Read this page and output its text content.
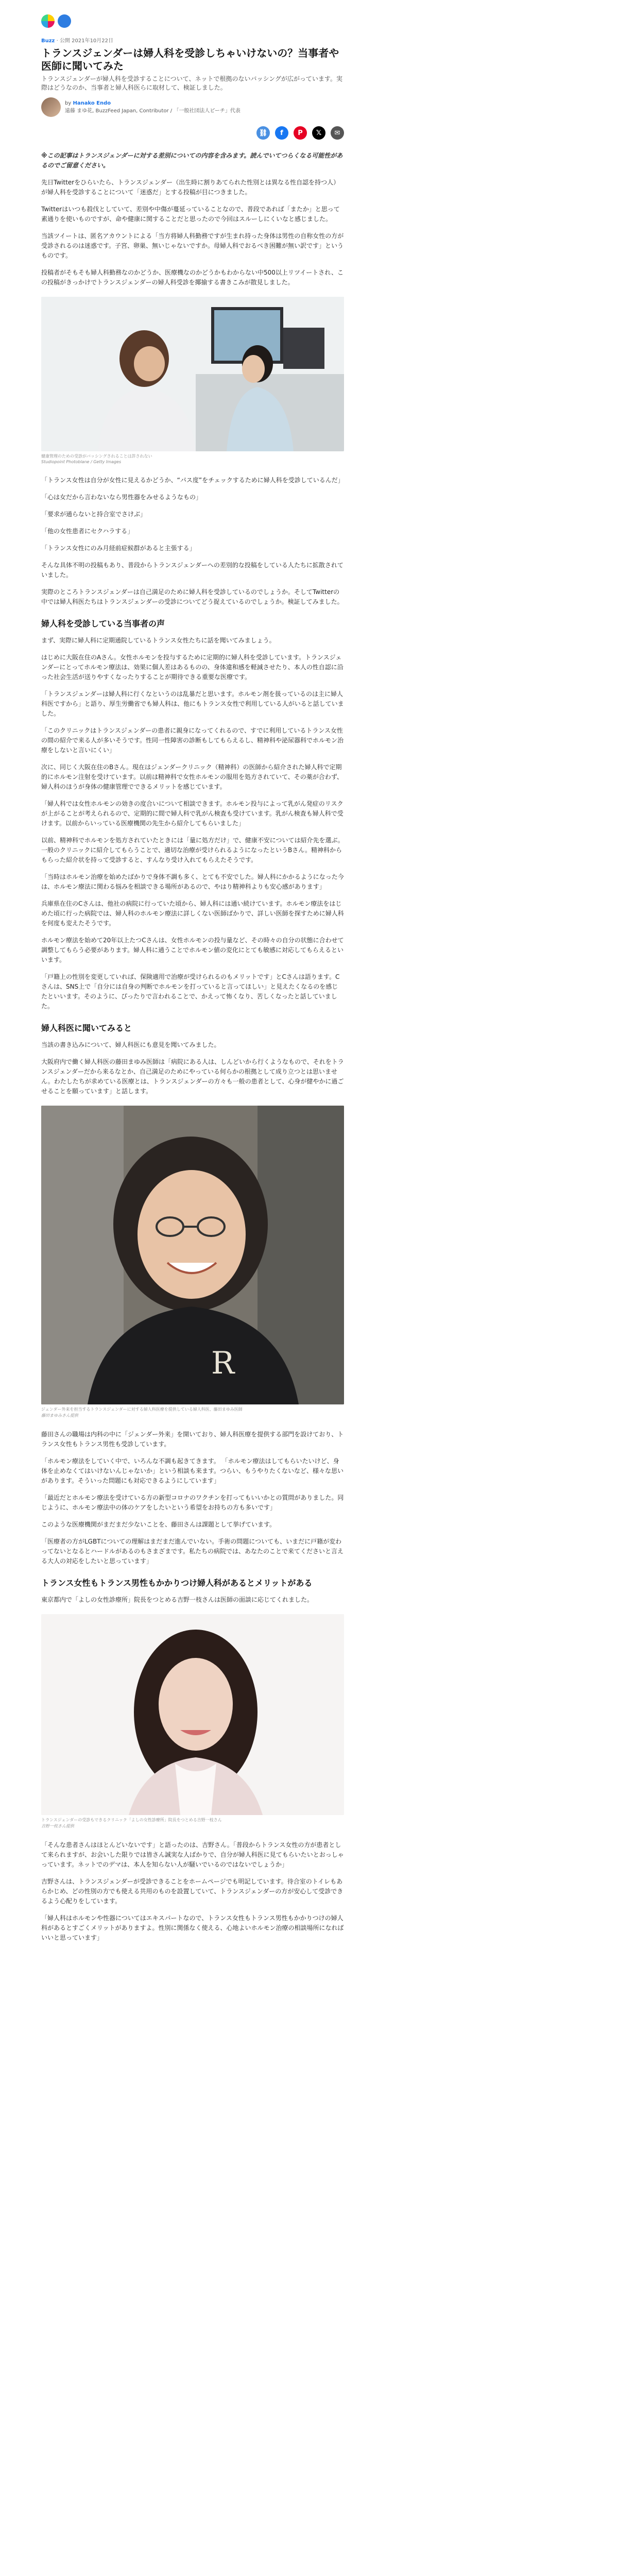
Buzz · 公開 2021年10月22日
トランスジェンダーは婦人科を受診しちゃいけないの？当事者や医師に聞いてみた
トランスジェンダーが婦人科を受診することについて、ネットで根拠のないバッシングが広がっています。実際はどうなのか、当事者と婦人科医らに取材して、検証しました。
by Hanako Endo
遠藤 まゆ花, BuzzFeed Japan, Contributor / 「一般社団法人ピーチ」代表
⛓	f	P	𝕏	✉

※この記事はトランスジェンダーに対する差別についての内容を含みます。読んでいてつらくなる可能性があるのでご留意ください。

先日Twitterをひらいたら、トランスジェンダー（出生時に割りあてられた性別とは異なる性自認を持つ人）が婦人科を受診することについて「迷惑だ」とする投稿が目につきました。

Twitterはいつも殺伐としていて、差別や中傷が蔓延っていることなので、普段であれば「またか」と思って素通りを使いものですが、命や健康に関することだと思ったので今回はスルーしにくいなと感じました。

当該ツイートは、匿名アカウントによる「当方将婦人科勤務ですが生まれ持った身体は男性の自称女性の方が受診されるのは迷惑です。子宮、卵巣、無いじゃないですか。母婦人科でおるべき困難が無い訳です」というものです。

投稿者がそもそも婦人科勤務なのかどうか、医療機なのかどうかもわからない中500以上リツイートされ、この投稿がきっかけでトランスジェンダーの婦人科受診を揶揄する書きこみが散見しました。

健康管理のための受診がバッシングされることは許されない
Studiopoint Photoblane / Getty Images

「トランス女性は自分が女性に見えるかどうか、“パス度”をチェックするために婦人科を受診しているんだ」

「心は女だから言わないなら男性器をみせるようなもの」

「要求が通らないと持合室でさけぶ」

「他の女性患者にセクハラする」

「トランス女性にのみ月経前症候群があると主張する」

そんな具体不明の投稿もあり、普段からトランスジェンダーへの差別的な投稿をしている人たちに拡散されていました。

実際のところトランスジェンダーは自己満足のために婦人科を受診しているのでしょうか。そしてTwitterの中では婦人科医たちはトランスジェンダーの受診についてどう捉えているのでしょうか。検証してみました。

婦人科を受診している当事者の声

まず、実際に婦人科に定期通院しているトランス女性たちに話を聞いてみましょう。

はじめに大阪在住のAさん。女性ホルモンを投与するために定期的に婦人科を受診しています。トランスジェンダーにとってホルモン療法は、効果に個人差はあるものの、身体違和感を軽減させたり、本人の性自認に沿った社会生活が送りやすくなったりすることが期待できる重要な医療です。

「トランスジェンダーは婦人科に行くなというのは乱暴だと思います。ホルモン剤を扱っているのは主に婦人科医ですから」と語り、厚生労働省でも婦人科は、他にもトランス女性で利用している人がいると話していました。

「このクリニックはトランスジェンダーの患者に親身になってくれるので、すでに利用しているトランス女性の間の紹介で来る人が多いそうです。性同一性障害の診断もしてもらえるし、精神科や泌尿器科でホルモン治療をしないと言いにくい」

次に、同じく大阪在住のBさん。現在はジェンダークリニック（精神科）の医師から紹介された婦人科で定期的にホルモン注射を受けています。以前は精神科で女性ホルモンの服用を処方されていて、その薬が合わず、婦人科のほうが身体の健康管理でできるメリットを感じています。

「婦人科では女性ホルモンの効きの度合いについて相談できます。ホルモン投与によって乳がん発症のリスクが上がることが考えられるので、定期的に間で婦人科で乳がん検査も受けています。乳がん検査も婦人科で受けます。以前からいっている医療機関の先生から紹介してもらいました」

以前、精神科でホルモンを処方されていたときには「量に処方だけ」で、健康不安については紹介先を選ぶ。一般のクリニックに紹介してもらうことで、適切な治療が受けられるようになったというBさん。精神科からもらった紹介状を持って受診すると、すんなり受け入れてもらえたそうです。

「当時はホルモン治療を始めたばかりで身体不調も多く、とても不安でした。婦人科にかかるようになった今は、ホルモン療法に関わる悩みを相談できる場所があるので、やはり精神科よりも安心感があります」

兵庫県在住のCさんは、他社の病院に行っていた頃から、婦人科には通い続けています。ホルモン療法をはじめた頃に行った病院では、婦人科のホルモン療法に詳しくない医師ばかりで、詳しい医師を探すために婦人科を何度も変えたそうです。

ホルモン療法を始めて20年以上たつCさんは、女性ホルモンの投与量など、その時々の自分の状態に合わせて調整してもらう必要があります。婦人科に通うことでホルモン値の変化にとても敏感に対応してもらえるといいます。

「戸籍上の性別を変更していれば、保険適用で治療が受けられるのもメリットです」とCさんは語ります。Cさんは、SNS上で「自分には自身の判断でホルモンを打っていると言ってほしい」と見えたくなるのを感じたといいます。そのように、ぴったりで言われることで、かえって怖くなり、苦しくなったと話していました。

婦人科医に聞いてみると

当該の書き込みについて、婦人科医にも意見を聞いてみました。

大阪府内で働く婦人科医の藤田まゆみ医師は「病院にある人は、しんどいから行くようなもので、それをトランスジェンダーだから来るなとか、自己満足のためにやっている何らかの根拠として成り立つとは思いません。わたしたちが求めている医療とは、トランスジェンダーの方々も一般の患者として、心身が健やかに過ごせることを願っています」と話します。

R
ジェンダー外来を担当するトランスジェンダーに対する婦人科医療を提供している婦人科医、藤田まゆみ医師
藤田まゆみさん提供

藤田さんの職場は内科の中に「ジェンダー外来」を開いており、婦人科医療を提供する部門を設けており、トランス女性もトランス男性も受診しています。

「ホルモン療法をしていく中で、いろんな不調も起きてきます。 「ホルモン療法はしてもらいたいけど、身体を止めなくてはいけないんじゃないか」という相談も来ます。つらい、もうやりたくないなど、様々な思いがあります。そういった問題にも対応できるようにしています」

「最近だとホルモン療法を受けている方の新型コロナのワクチンを打ってもいいかとの質問がありました。同じように、ホルモン療法中の体のケアをしたいという希望をお持ちの方も多いです」

このような医療機関がまだまだ少ないことを、藤田さんは課題として挙げています。

「医療者の方がLGBTについての理解はまだまだ進んでいない。手術の問題についても、いまだに戸籍が変わってないとなるとハードルがあるのもさまざまです。私たちの病院では、あなたのことで来てくださいと言える大人の対応をしたいと思っています」

トランス女性もトランス男性もかかりつけ婦人科があるとメリットがある

東京都内で「よしの女性診療所」院長をつとめる吉野一枝さんは医師の面談に応じてくれました。

トランスジェンダーの受診もできるクリニック「よしの女性診療所」院長をつとめる吉野一枝さん
吉野一枝さん提供

「そんな患者さんはほとんどいないです」と語ったのは、吉野さん。「普段からトランス女性の方が患者として来られますが、お会いした限りでは皆さん誠実な人ばかりで、自分が婦人科医に見てもらいたいとおっしゃっています。ネットでのデマは、本人を知らない人が騒いでいるのではないでしょうか」

吉野さんは、トランスジェンダーが受診できることをホームページでも明記しています。待合室のトイレもあらかじめ、どの性別の方でも使える共用のものを設置していて、トランスジェンダーの方が安心して受診できるよう心配りをしています。

「婦人科はホルモンや性器についてはエキスパートなので、トランス女性もトランス男性もかかりつけの婦人科があるとすごくメリットがありますよ。性別に関係なく使える、心地よいホルモン治療の相談場所になればいいと思っています」
